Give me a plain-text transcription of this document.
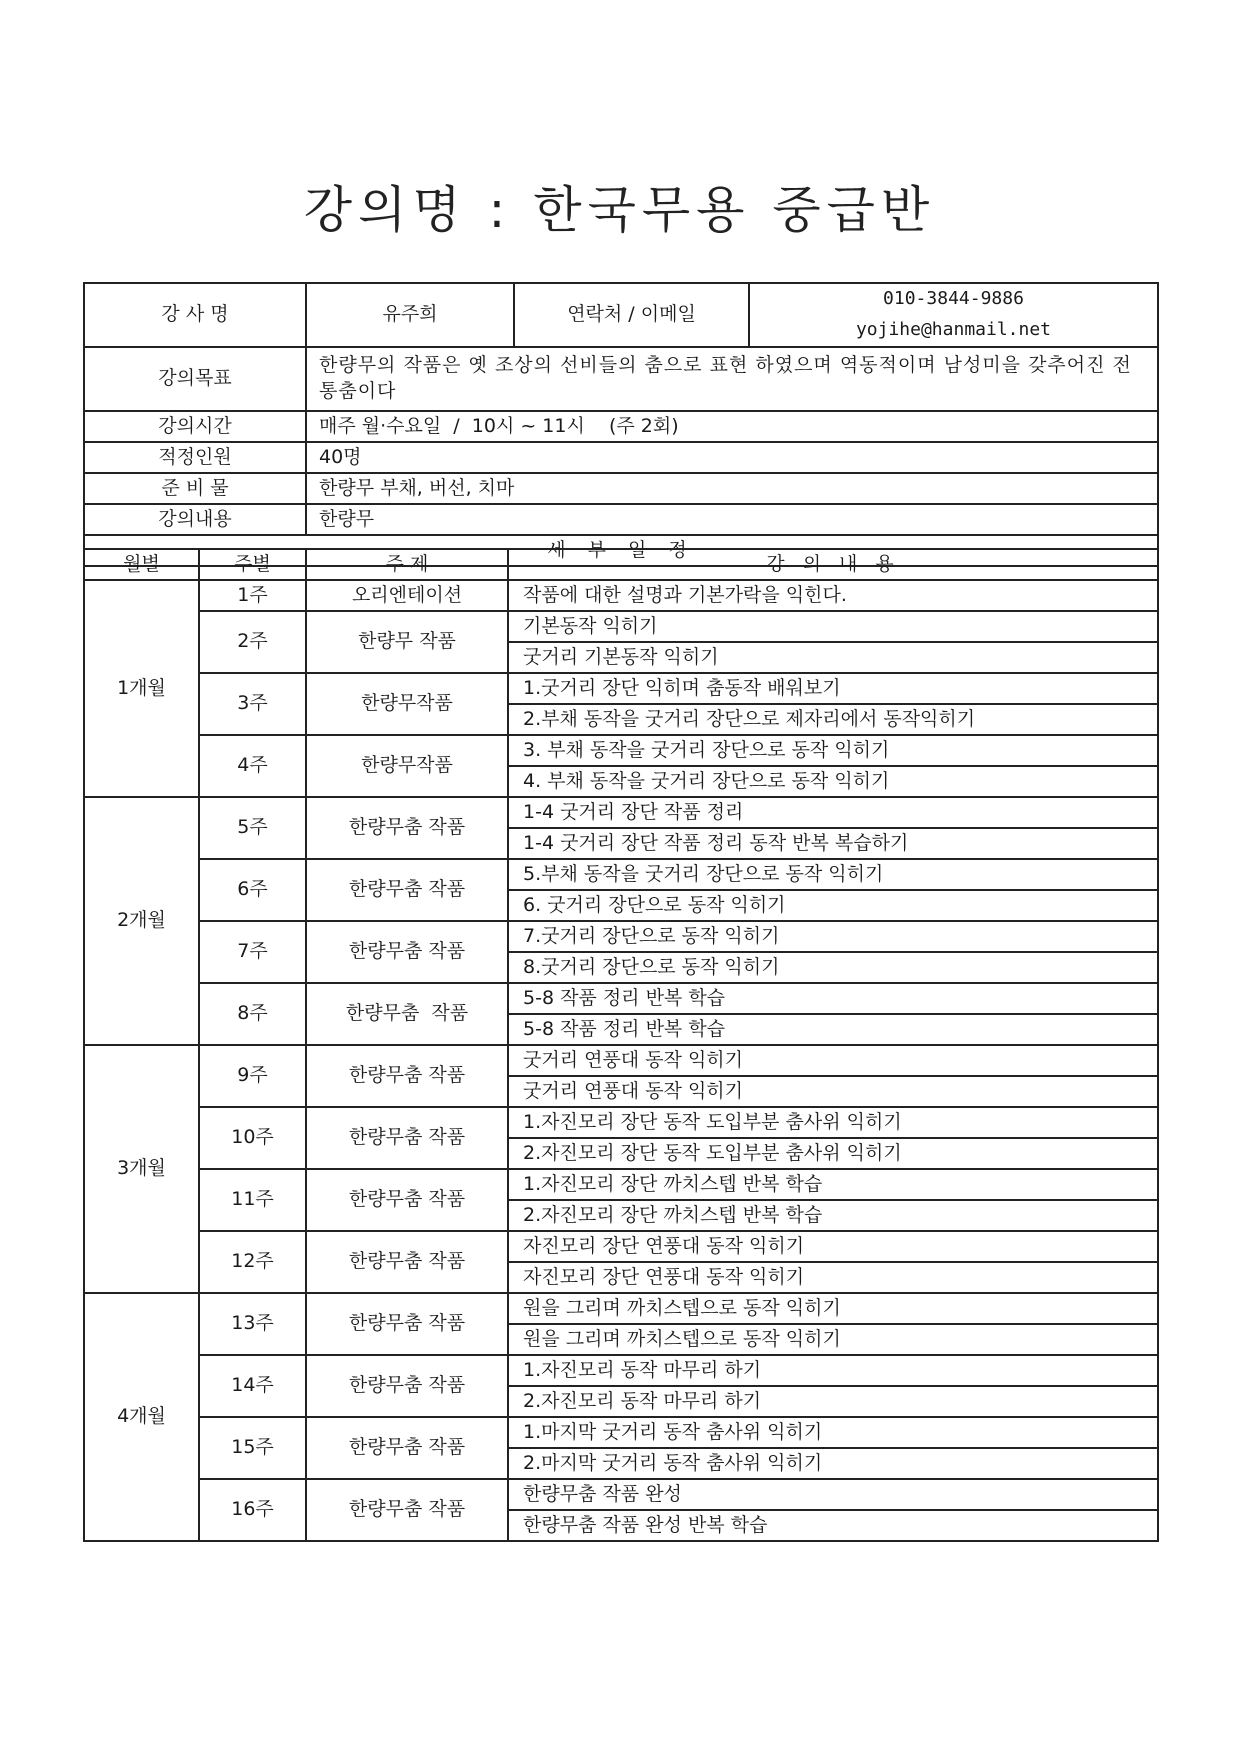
강의명 : 한국무용 중급반
강 사 명	유주희	연락처 / 이메일	010-3844-9886
yojihe@hanmail.net

강의목표	한량무의 작품은 옛 조상의 선비들의 춤으로 표현 하였으며 역동적이며 남성미을 갖추어진 전통춤이다		
강의시간	매주 월·수요일  /  10시 ~ 11시    (주 2회)		
적정인원	40명		
준 비 물	한량무 부채, 버선, 치마		
강의내용	한량무		
세 부 일 정			
월별	주별	주 제	강 의 내 용
1개월	1주	오리엔테이션	작품에 대한 설명과 기본가락을 익힌다.
	2주	한량무 작품	기본동작 익히기
			굿거리 기본동작 익히기
	3주	한량무작품	1.굿거리 장단 익히며 춤동작 배워보기
			2.부채 동작을 굿거리 장단으로 제자리에서 동작익히기
	4주	한량무작품	3. 부채 동작을 굿거리 장단으로 동작 익히기
			4. 부채 동작을 굿거리 장단으로 동작 익히기
2개월	5주	한량무춤 작품	1-4 굿거리 장단 작품 정리
			1-4 굿거리 장단 작품 정리 동작 반복 복습하기
	6주	한량무춤 작품	5.부채 동작을 굿거리 장단으로 동작 익히기
			6. 굿거리 장단으로 동작 익히기
	7주	한량무춤 작품	7.굿거리 장단으로 동작 익히기
			8.굿거리 장단으로 동작 익히기
	8주	한량무춤  작품	5-8 작품 정리 반복 학습
			5-8 작품 정리 반복 학습
3개월	9주	한량무춤 작품	굿거리 연풍대 동작 익히기
			굿거리 연풍대 동작 익히기
	10주	한량무춤 작품	1.자진모리 장단 동작 도입부분 춤사위 익히기
			2.자진모리 장단 동작 도입부분 춤사위 익히기
	11주	한량무춤 작품	1.자진모리 장단 까치스텝 반복 학습
			2.자진모리 장단 까치스텝 반복 학습
	12주	한량무춤 작품	자진모리 장단 연풍대 동작 익히기
			자진모리 장단 연풍대 동작 익히기
4개월	13주	한량무춤 작품	원을 그리며 까치스텝으로 동작 익히기
			원을 그리며 까치스텝으로 동작 익히기
	14주	한량무춤 작품	1.자진모리 동작 마무리 하기
			2.자진모리 동작 마무리 하기
	15주	한량무춤 작품	1.마지막 굿거리 동작 춤사위 익히기
			2.마지막 굿거리 동작 춤사위 익히기
	16주	한량무춤 작품	한량무춤 작품 완성
			한량무춤 작품 완성 반복 학습
